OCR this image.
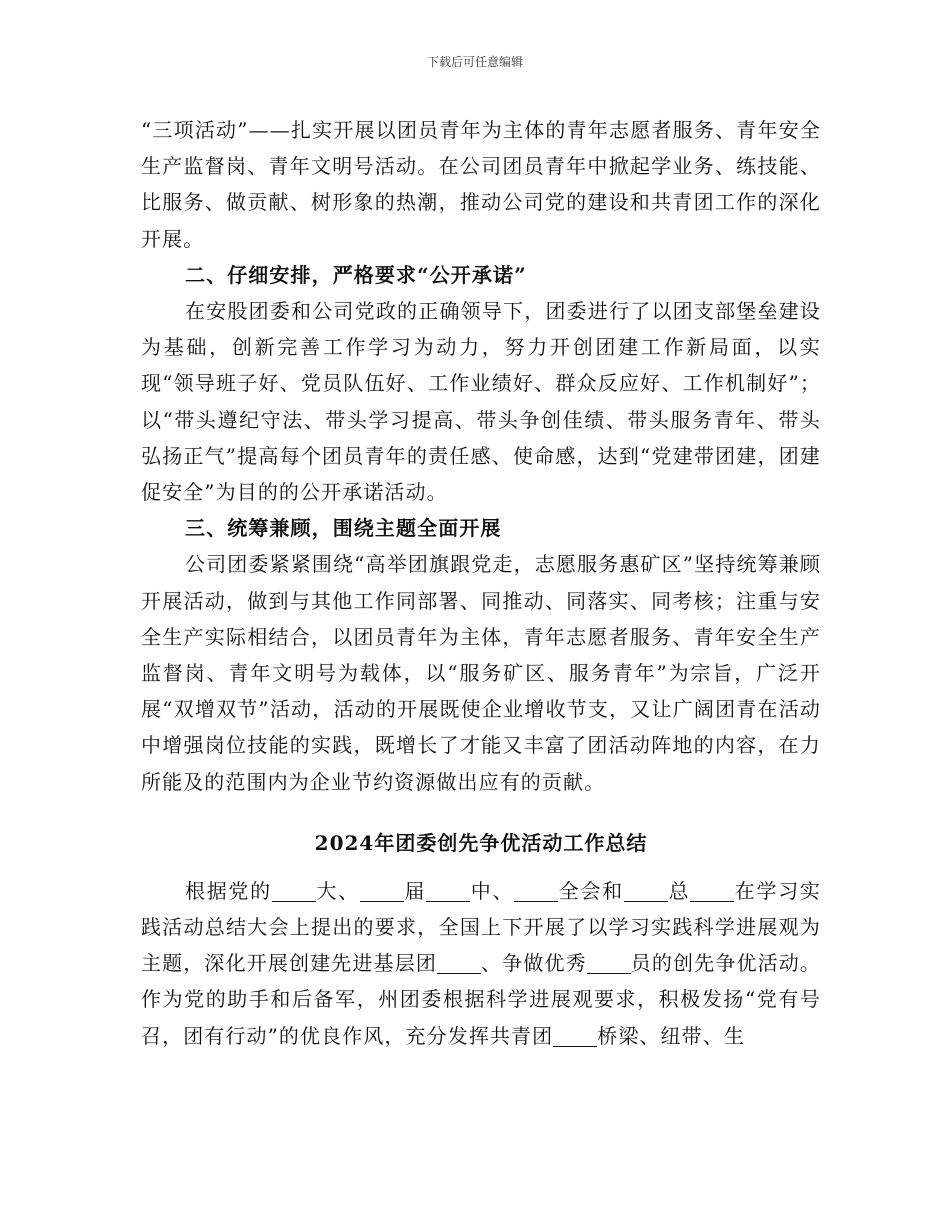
下载后可任意编辑

“三项活动”——扎实开展以团员青年为主体的青年志愿者服务、青年安全生产监督岗、青年文明号活动。在公司团员青年中掀起学业务、练技能、比服务、做贡献、树形象的热潮，推动公司党的建设和共青团工作的深化开展。

二、仔细安排，严格要求“公开承诺”

在安股团委和公司党政的正确领导下，团委进行了以团支部堡垒建设为基础，创新完善工作学习为动力，努力开创团建工作新局面，以实现“领导班子好、党员队伍好、工作业绩好、群众反应好、工作机制好”；以“带头遵纪守法、带头学习提高、带头争创佳绩、带头服务青年、带头弘扬正气”提高每个团员青年的责任感、使命感，达到“党建带团建，团建促安全”为目的的公开承诺活动。

三、统筹兼顾，围绕主题全面开展

公司团委紧紧围绕“高举团旗跟党走，志愿服务惠矿区”坚持统筹兼顾开展活动，做到与其他工作同部署、同推动、同落实、同考核；注重与安全生产实际相结合，以团员青年为主体，青年志愿者服务、青年安全生产监督岗、青年文明号为载体，以“服务矿区、服务青年”为宗旨，广泛开展“双增双节”活动，活动的开展既使企业增收节支，又让广阔团青在活动中增强岗位技能的实践，既增长了才能又丰富了团活动阵地的内容，在力所能及的范围内为企业节约资源做出应有的贡献。

2024年团委创先争优活动工作总结

根据党的 大、 届 中、 全会和 总 在学习实践活动总结大会上提出的要求，全国上下开展了以学习实践科学进展观为主题，深化开展创建先进基层团 、争做优秀 员的创先争优活动。作为党的助手和后备军，州团委根据科学进展观要求，积极发扬“党有号召，团有行动”的优良作风，充分发挥共青团 桥梁、纽带、生
